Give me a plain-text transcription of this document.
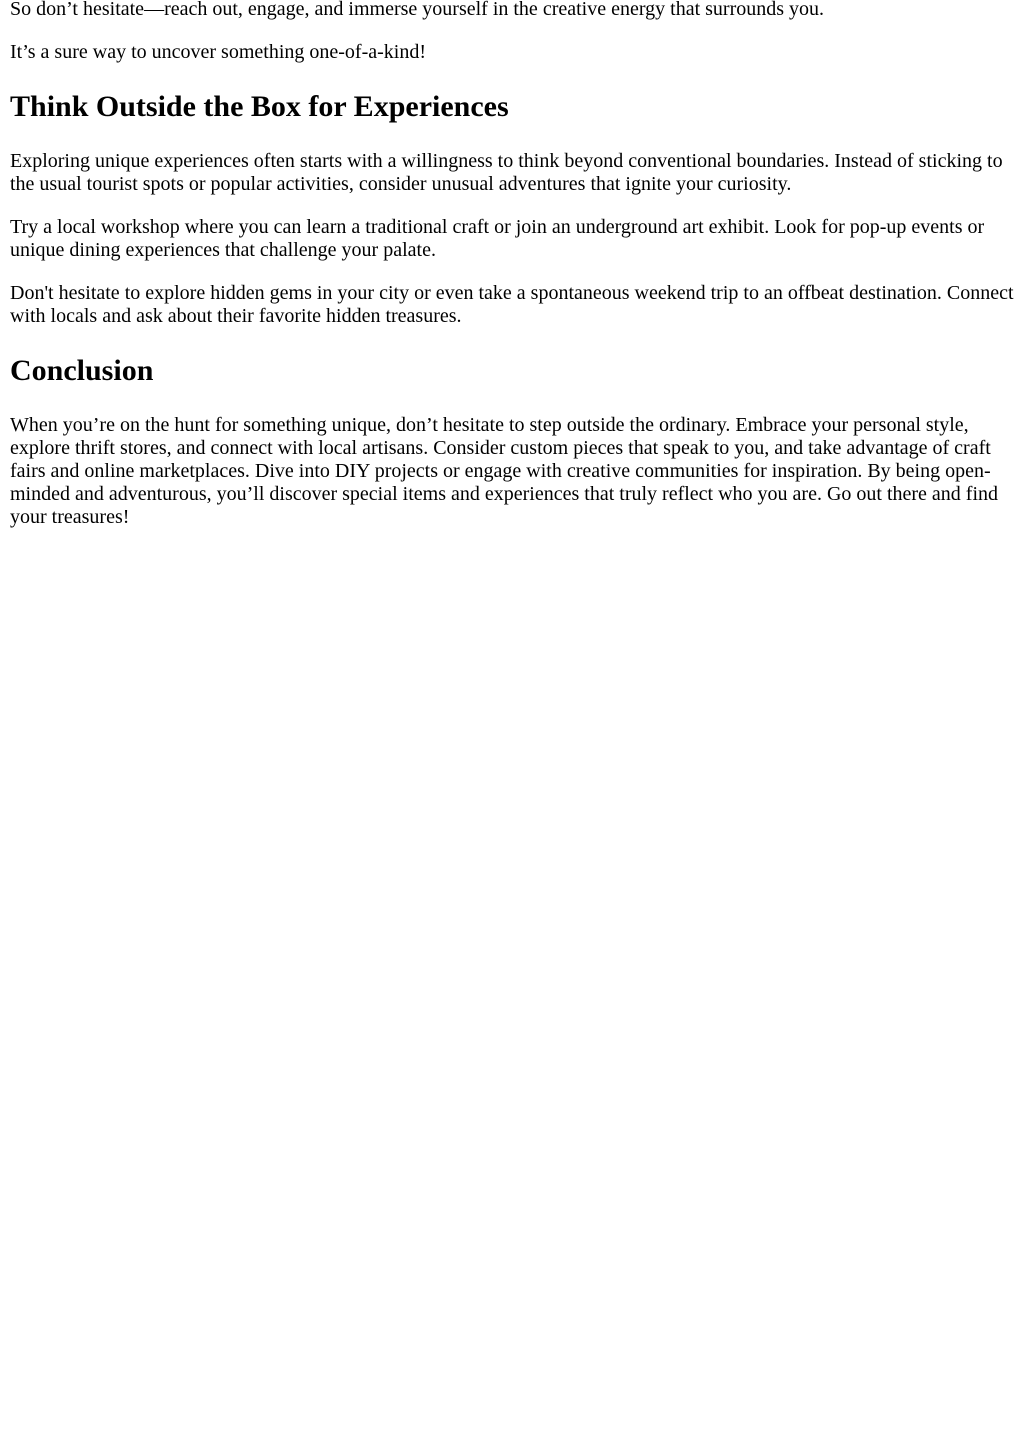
So don’t hesitate—reach out, engage, and immerse yourself in the creative energy that surrounds you.

It’s a sure way to uncover something one-of-a-kind!

Think Outside the Box for Experiences

Exploring unique experiences often starts with a willingness to think beyond conventional boundaries. Instead of sticking to the usual tourist spots or popular activities, consider unusual adventures that ignite your curiosity.

Try a local workshop where you can learn a traditional craft or join an underground art exhibit. Look for pop-up events or unique dining experiences that challenge your palate.

Don't hesitate to explore hidden gems in your city or even take a spontaneous weekend trip to an offbeat destination. Connect with locals and ask about their favorite hidden treasures.

Conclusion

When you’re on the hunt for something unique, don’t hesitate to step outside the ordinary. Embrace your personal style, explore thrift stores, and connect with local artisans. Consider custom pieces that speak to you, and take advantage of craft fairs and online marketplaces. Dive into DIY projects or engage with creative communities for inspiration. By being open-minded and adventurous, you’ll discover special items and experiences that truly reflect who you are. Go out there and find your treasures!
